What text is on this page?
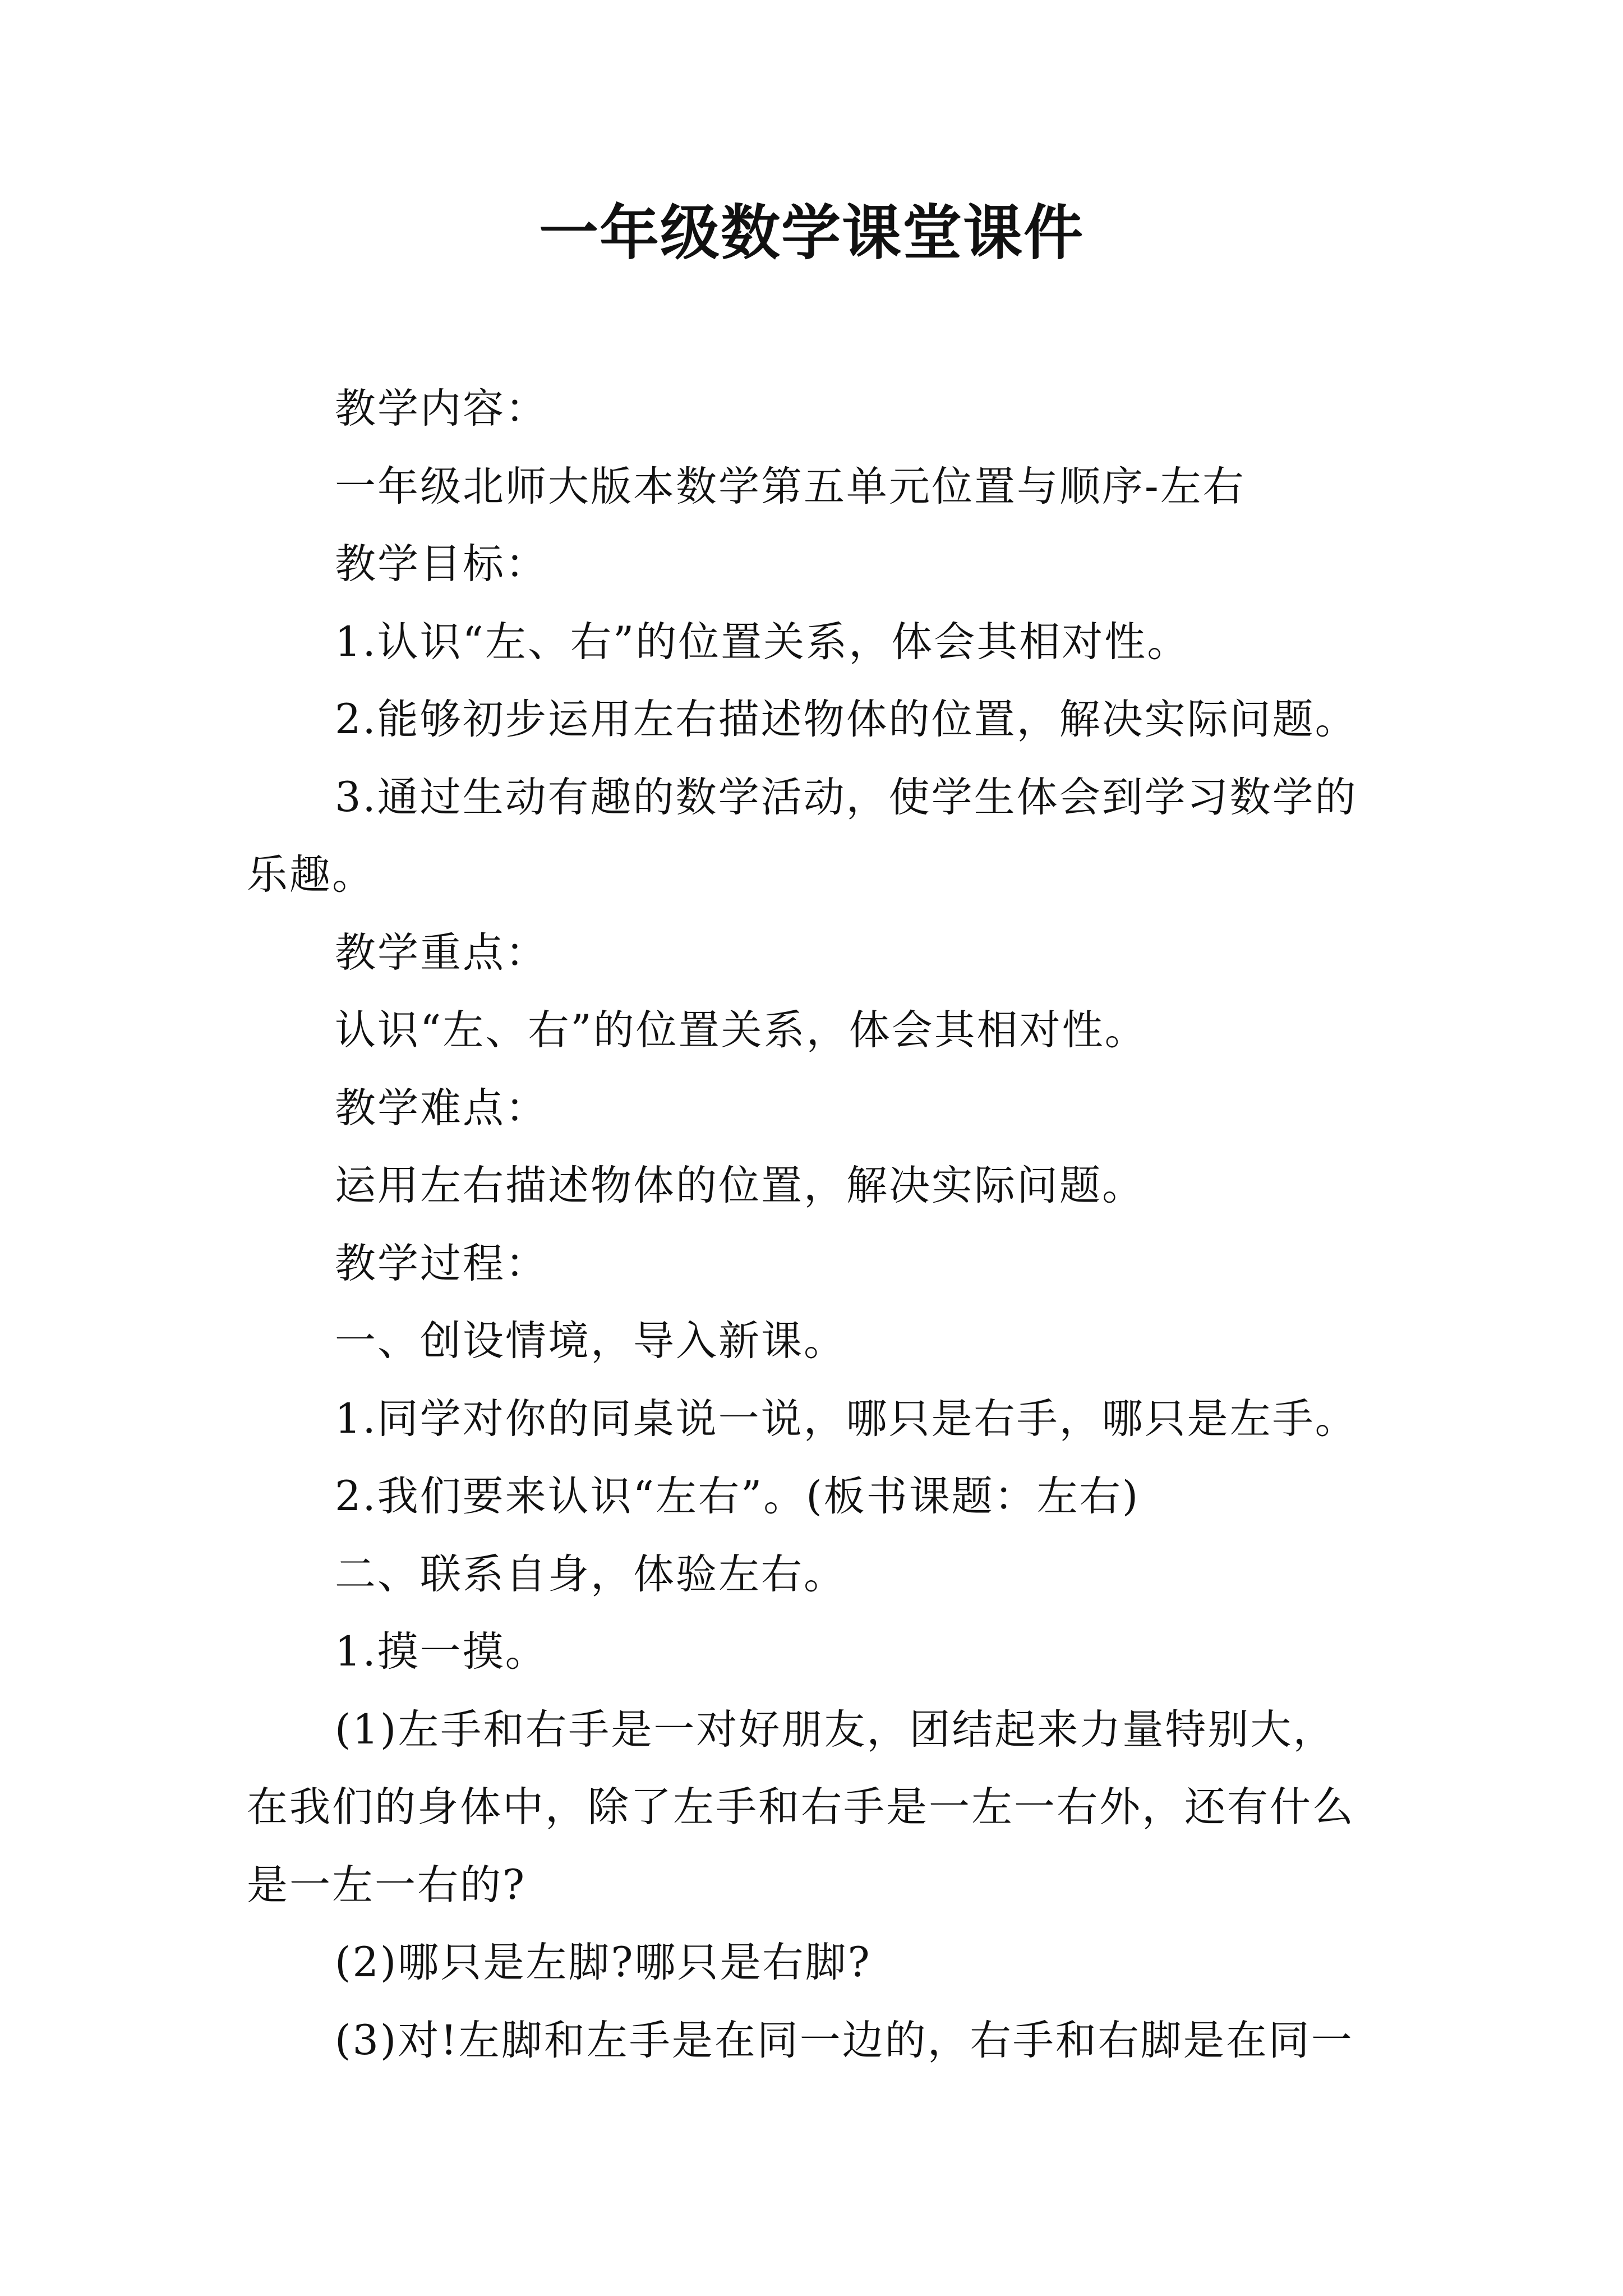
一年级数学课堂课件
教学内容：
一年级北师大版本数学第五单元位置与顺序-左右
教学目标：
1.认识“左、右”的位置关系，体会其相对性。
2.能够初步运用左右描述物体的位置，解决实际问题。
3.通过生动有趣的数学活动，使学生体会到学习数学的
乐趣。
教学重点：
认识“左、右”的位置关系，体会其相对性。
教学难点：
运用左右描述物体的位置，解决实际问题。
教学过程：
一、创设情境，导入新课。
1.同学对你的同桌说一说，哪只是右手，哪只是左手。
2.我们要来认识“左右”。(板书课题：左右)
二、联系自身，体验左右。
1.摸一摸。
(1)左手和右手是一对好朋友，团结起来力量特别大，
在我们的身体中，除了左手和右手是一左一右外，还有什么
是一左一右的?
(2)哪只是左脚?哪只是右脚?
(3)对!左脚和左手是在同一边的，右手和右脚是在同一
